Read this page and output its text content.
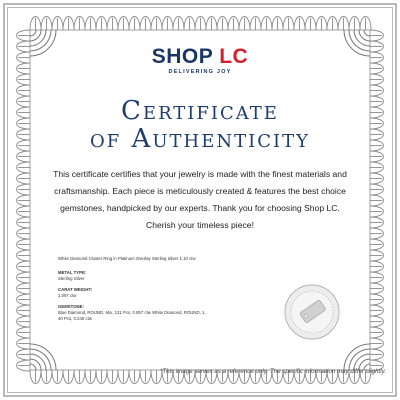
SHOP LC
DELIVERING JOY
Certificate
of Authenticity
This certificate certifies that your jewelry is made with the finest materials and
craftsmanship. Each piece is meticulously created & features the best choice
gemstones, handpicked by our experts. Thank you for choosing Shop LC.
Cherish your timeless piece!
White Diamond Cluster Ring in Platinum Overlay Sterling Silver 1.10 ctw
METAL TYPE:
Sterling Silver
CARAT WEIGHT:
1.097 ctw
GEMSTONE:
Blue Diamond, ROUND, Mix, 131 Pcs, 0.857 ctw White Diamond, ROUND, 1,
40 Pcs, 0.240 ctw
*This image serves as a reference only. The specific information may differ slightly.
